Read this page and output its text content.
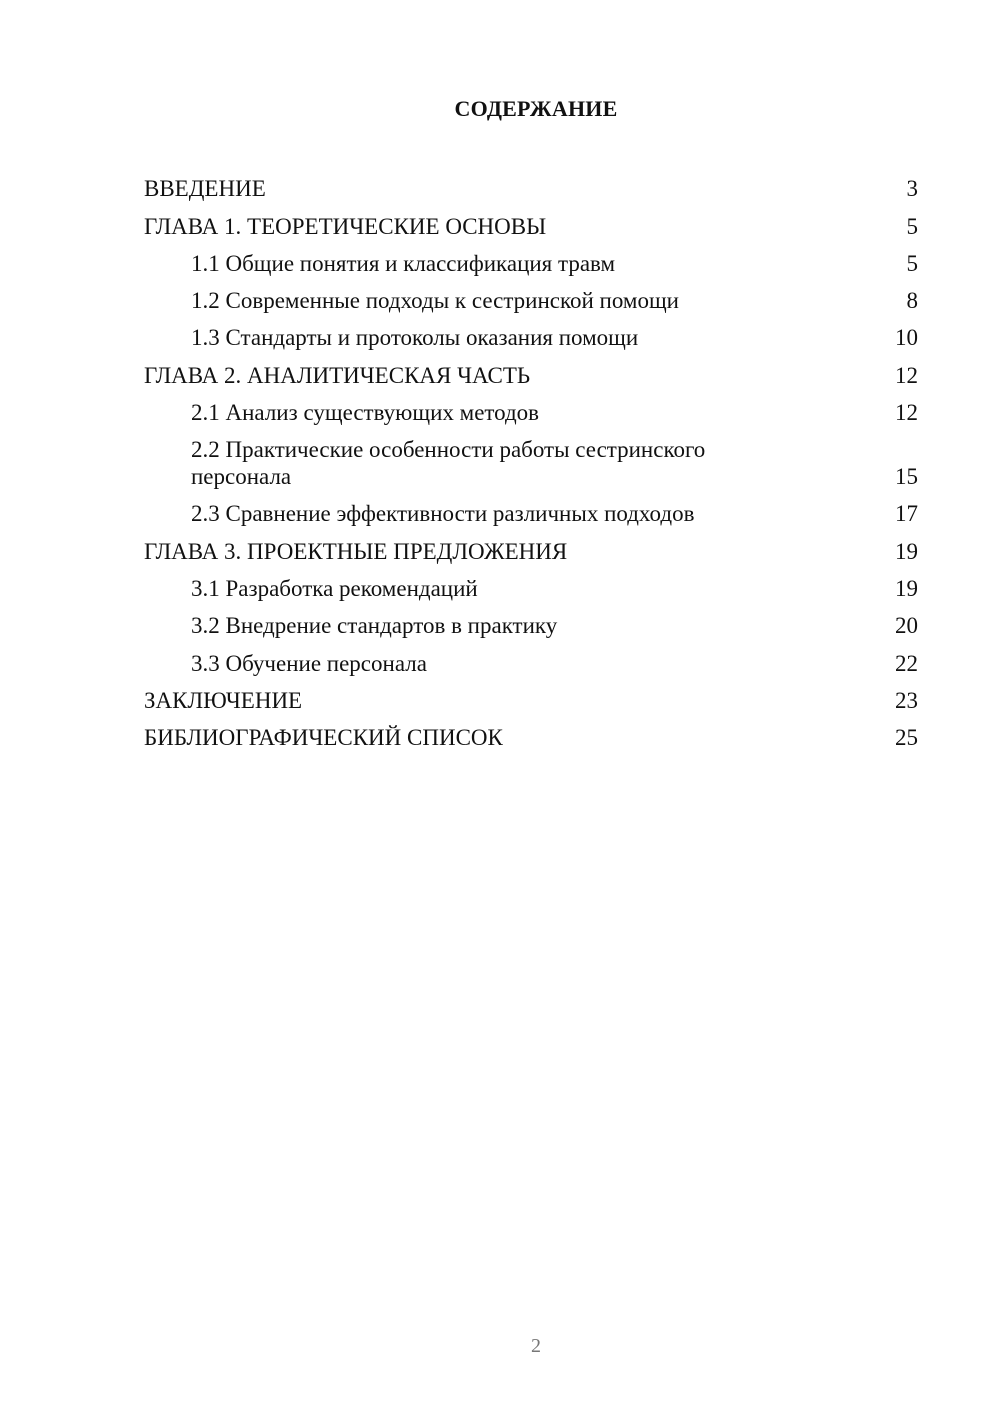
СОДЕРЖАНИЕ
ВВЕДЕНИЕ	3
ГЛАВА 1. ТЕОРЕТИЧЕСКИЕ ОСНОВЫ	5
1.1 Общие понятия и классификация травм	5
1.2 Современные подходы к сестринской помощи	8
1.3 Стандарты и протоколы оказания помощи	10
ГЛАВА 2. АНАЛИТИЧЕСКАЯ ЧАСТЬ	12
2.1 Анализ существующих методов	12
2.2 Практические особенности работы сестринского персонала	15
2.3 Сравнение эффективности различных подходов	17
ГЛАВА 3. ПРОЕКТНЫЕ ПРЕДЛОЖЕНИЯ	19
3.1 Разработка рекомендаций	19
3.2 Внедрение стандартов в практику	20
3.3 Обучение персонала	22
ЗАКЛЮЧЕНИЕ	23
БИБЛИОГРАФИЧЕСКИЙ СПИСОК	25
2
